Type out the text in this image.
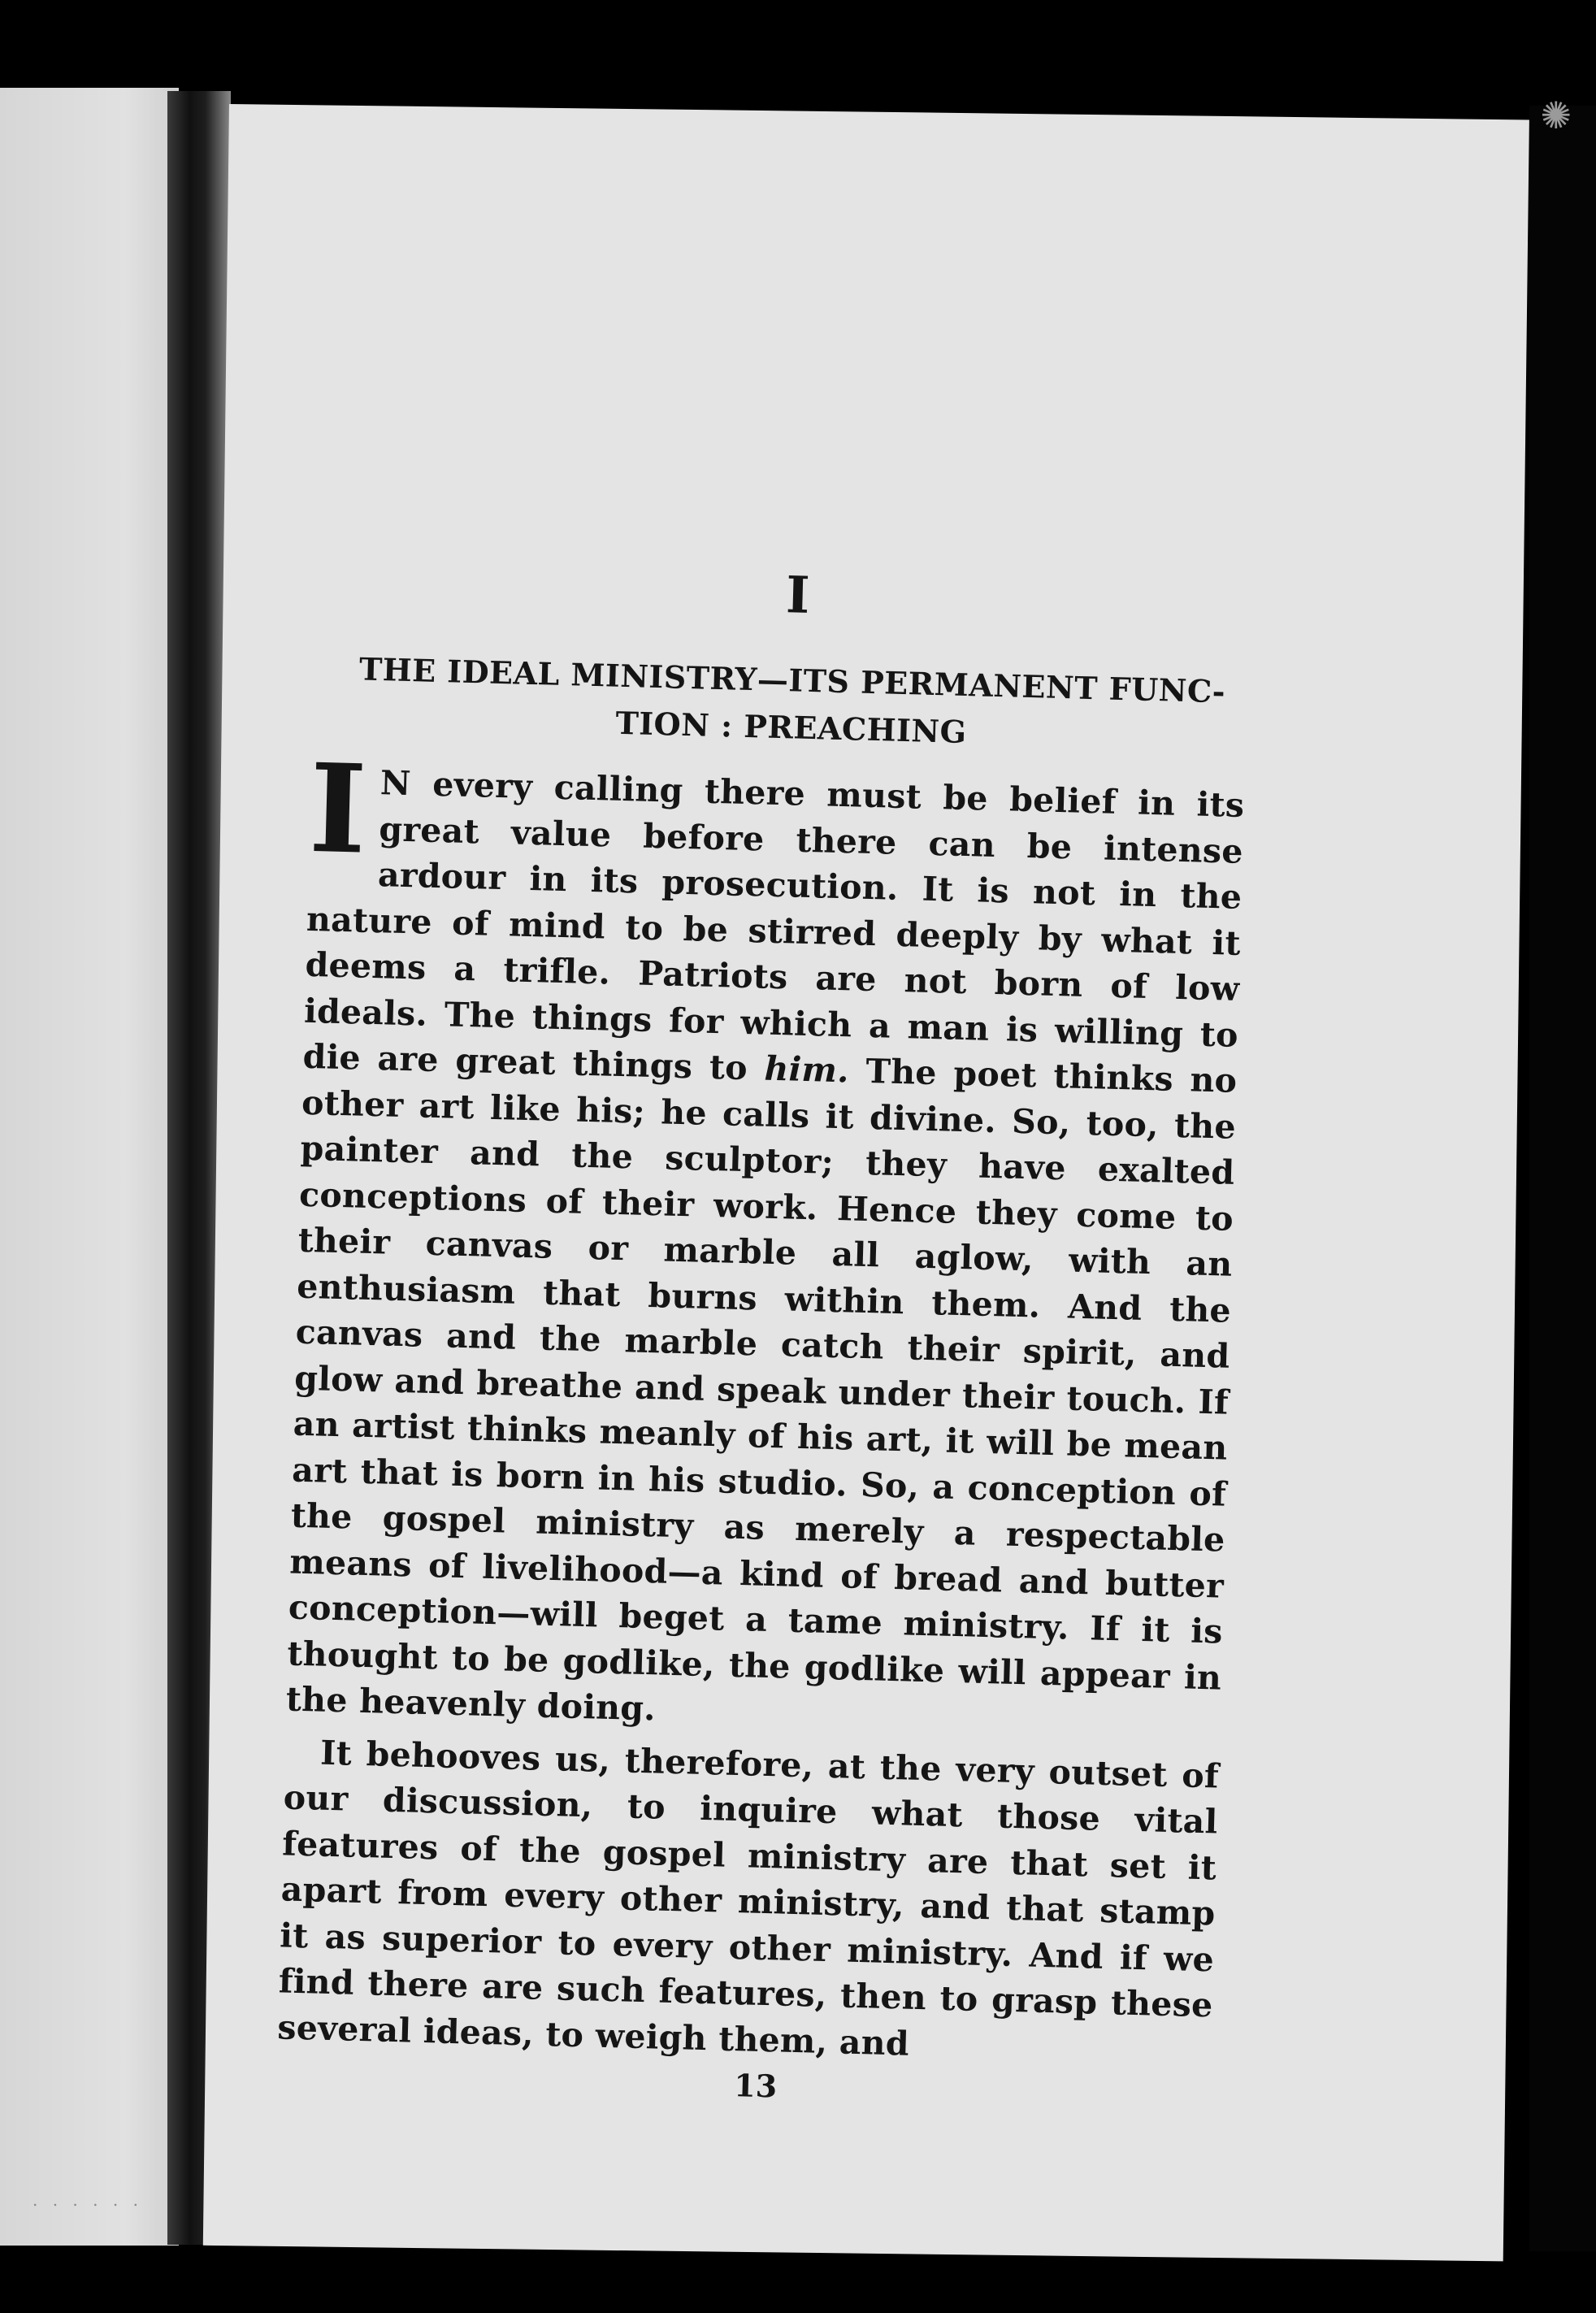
✺
. . . . . .
I
THE IDEAL MINISTRY—ITS PERMANENT FUNC-
TION : PREACHING

I N every calling there must be belief in its great value before there can be intense ardour in its prosecution. It is not in the nature of mind to be stirred deeply by what it deems a trifle. Patriots are not born of low ideals. The things for which a man is willing to die are great things to him. The poet thinks no other art like his; he calls it divine. So, too, the painter and the sculptor; they have exalted conceptions of their work. Hence they come to their canvas or marble all aglow, with an enthusiasm that burns within them. And the canvas and the marble catch their spirit, and glow and breathe and speak under their touch. If an artist thinks meanly of his art, it will be mean art that is born in his studio. So, a conception of the gospel ministry as merely a respectable means of livelihood—a kind of bread and butter conception—will beget a tame ministry. If it is thought to be godlike, the godlike will appear in the heavenly doing.

It behooves us, therefore, at the very outset of our discussion, to inquire what those vital features of the gospel ministry are that set it apart from every other ministry, and that stamp it as superior to every other ministry. And if we find there are such features, then to grasp these several ideas, to weigh them, and

13
